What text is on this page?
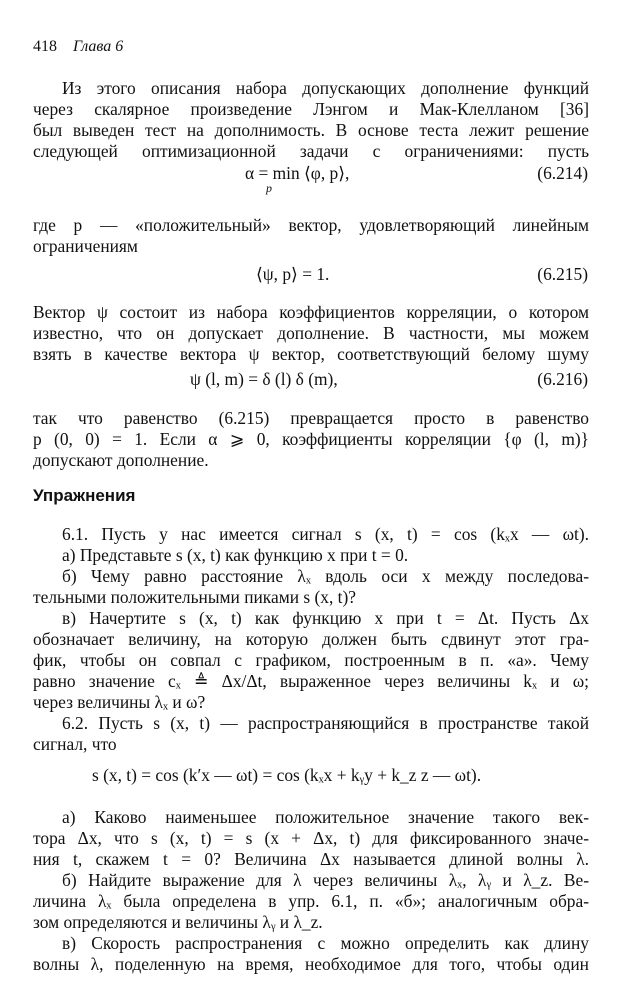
418 Глава 6
Из этого описания набора допускающих дополнение функций
через скалярное произведение Лэнгом и Мак-Клелланом [36]
был выведен тест на дополнимость. В основе теста лежит решение
следующей оптимизационной задачи с ограничениями: пусть
α = min ⟨φ, p⟩,
p
(6.214)
где p — «положительный» вектор, удовлетворяющий линейным
ограничениям
⟨ψ, p⟩ = 1.	(6.215)
Вектор ψ состоит из набора коэффициентов корреляции, о котором
известно, что он допускает дополнение. В частности, мы можем
взять в качестве вектора ψ вектор, соответствующий белому шуму
ψ (l, m) = δ (l) δ (m),	(6.216)
так что равенство (6.215) превращается просто в равенство
p (0, 0) = 1. Если α ⩾ 0, коэффициенты корреляции {φ (l, m)}
допускают дополнение.
Упражнения
6.1. Пусть у нас имеется сигнал s (x, t) = cos (kₓx — ωt).
а) Представьте s (x, t) как функцию x при t = 0.
б) Чему равно расстояние λₓ вдоль оси x между последова-
тельными положительными пиками s (x, t)?
в) Начертите s (x, t) как функцию x при t = Δt. Пусть Δx
обозначает величину, на которую должен быть сдвинут этот гра-
фик, чтобы он совпал с графиком, построенным в п. «а». Чему
равно значение cₓ ≜ Δx/Δt, выраженное через величины kₓ и ω;
через величины λₓ и ω?
6.2. Пусть s (x, t) — распространяющийся в пространстве такой
сигнал, что
s (x, t) = cos (k′x — ωt) = cos (kₓx + kᵧy + k_z z — ωt).
а) Каково наименьшее положительное значение такого век-
тора Δx, что s (x, t) = s (x + Δx, t) для фиксированного значе-
ния t, скажем t = 0? Величина Δx называется длиной волны λ.
б) Найдите выражение для λ через величины λₓ, λᵧ и λ_z. Ве-
личина λₓ была определена в упр. 6.1, п. «б»; аналогичным обра-
зом определяются и величины λᵧ и λ_z.
в) Скорость распространения c можно определить как длину
волны λ, поделенную на время, необходимое для того, чтобы один
